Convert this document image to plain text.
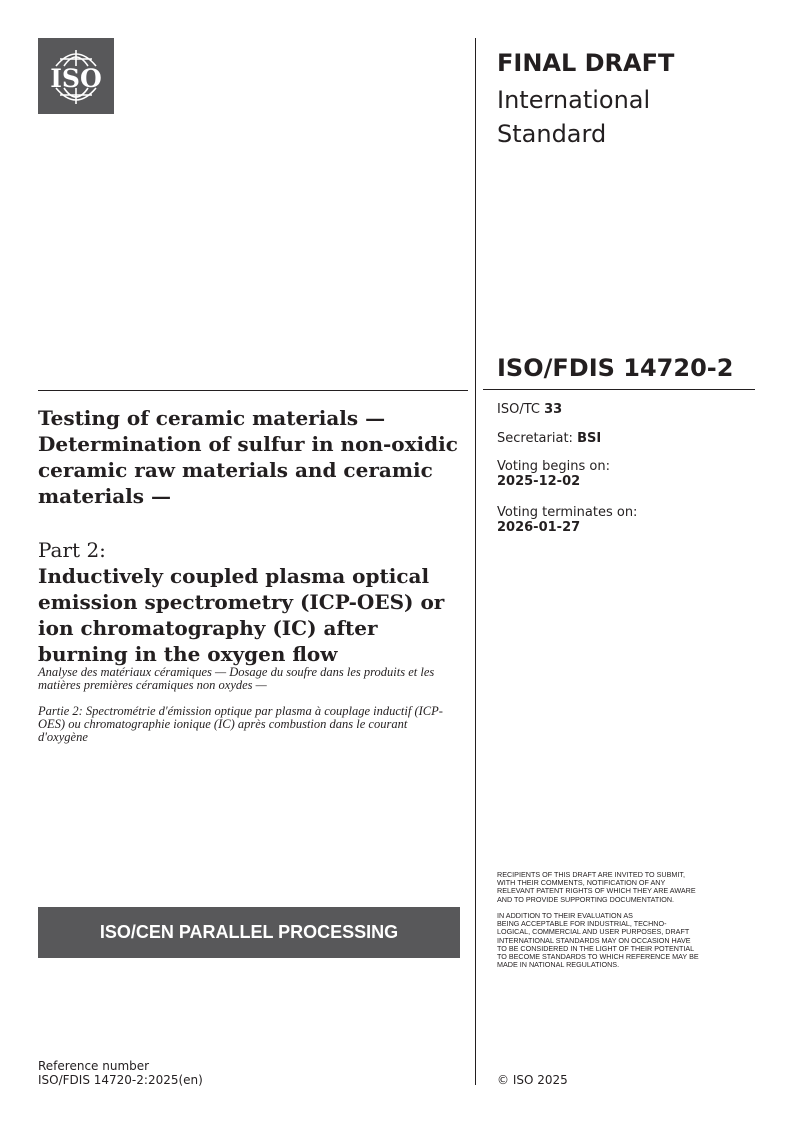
ISO
FINAL DRAFT
International
Standard
ISO/FDIS 14720-2
ISO/TC 33
Secretariat: BSI
Voting begins on:
2025-12-02
Voting terminates on:
2026-01-27
Testing of ceramic materials — Determination of sulfur in non-oxidic ceramic raw materials and ceramic materials —
Part 2:
Inductively coupled plasma optical emission spectrometry (ICP-OES) or ion chromatography (IC) after burning in the oxygen flow
Analyse des matériaux céramiques — Dosage du soufre dans les produits et les matières premières céramiques non oxydes —
Partie 2: Spectrométrie d'émission optique par plasma à couplage inductif (ICP-OES) ou chromatographie ionique (IC) après combustion dans le courant d'oxygène
ISO/CEN PARALLEL PROCESSING
RECIPIENTS OF THIS DRAFT ARE INVITED TO SUBMIT,
WITH THEIR COMMENTS, NOTIFICATION OF ANY
RELEVANT PATENT RIGHTS OF WHICH THEY ARE AWARE
AND TO PROVIDE SUPPORTING DOCUMENTATION.
IN ADDITION TO THEIR EVALUATION AS
BEING ACCEPTABLE FOR INDUSTRIAL, TECHNO-
LOGICAL, COMMERCIAL AND USER PURPOSES, DRAFT
INTERNATIONAL STANDARDS MAY ON OCCASION HAVE
TO BE CONSIDERED IN THE LIGHT OF THEIR POTENTIAL
TO BECOME STANDARDS TO WHICH REFERENCE MAY BE
MADE IN NATIONAL REGULATIONS.
Reference number
ISO/FDIS 14720-2:2025(en)	© ISO 2025
